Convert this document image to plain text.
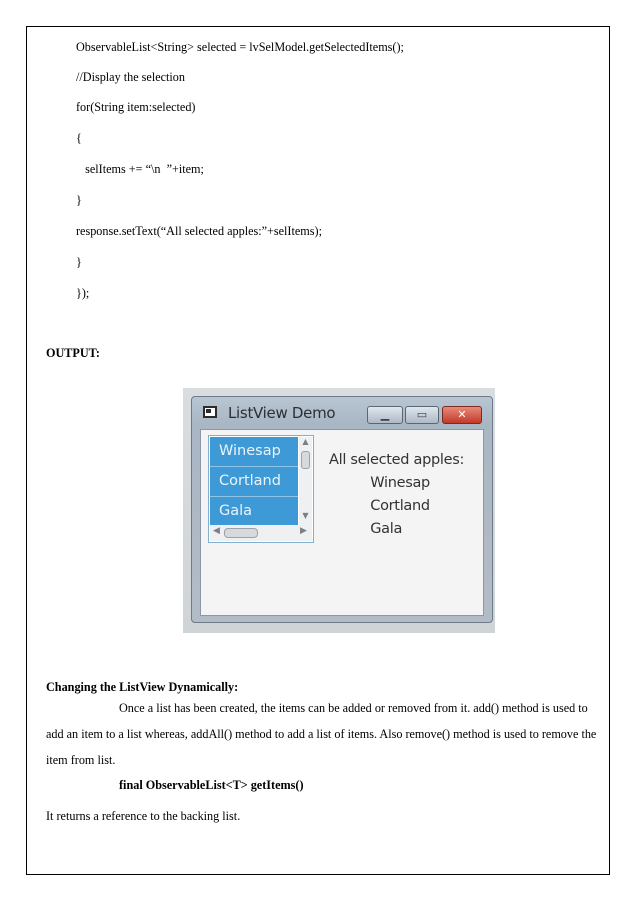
ObservableList<String> selected = lvSelModel.getSelectedItems();
//Display the selection
for(String item:selected)
{
selItems += “\n  ”+item;
}
response.setText(“All selected apples:”+selItems);
}
});
OUTPUT:
ListView Demo	▁	▭	✕
Winesap
Cortland
Gala
▲
▼
◀	▶
All selected apples:
Winesap
Cortland
Gala
Changing the ListView Dynamically:
Once a list has been created, the items can be added or removed from it. add() method is used to add an item to a list whereas, addAll() method to add a list of items. Also remove() method is used to remove the item from list.
final ObservableList<T> getItems()
It returns a reference to the backing list.
